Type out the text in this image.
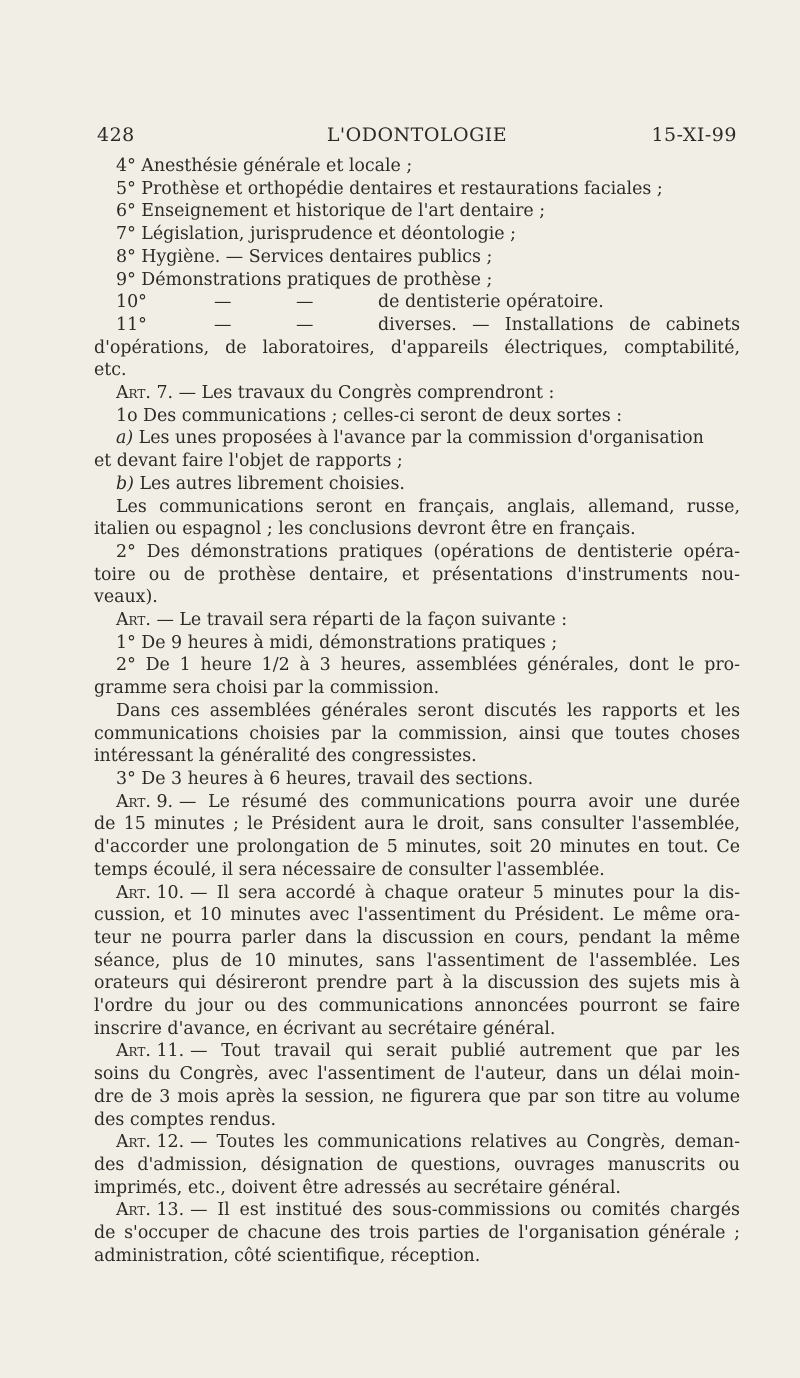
428	L'ODONTOLOGIE	15-XI-99
4° Anesthésie générale et locale ;
5° Prothèse et orthopédie dentaires et restaurations faciales ;
6° Enseignement et historique de l'art dentaire ;
7° Législation, jurisprudence et déontologie ;
8° Hygiène. — Services dentaires publics ;
9° Démonstrations pratiques de prothèse ;
10°	—	—	de dentisterie opératoire.
11°	—	—	diverses. — Installations de cabinets
d'opérations, de laboratoires, d'appareils électriques, comptabilité,
etc.
Art. 7. — Les travaux du Congrès comprendront :
1o Des communications ; celles-ci seront de deux sortes :
a) Les unes proposées à l'avance par la commission d'organisation
et devant faire l'objet de rapports ;
b) Les autres librement choisies.
Les communications seront en français, anglais, allemand, russe,
italien ou espagnol ; les conclusions devront être en français.
2° Des démonstrations pratiques (opérations de dentisterie opéra-
toire ou de prothèse dentaire, et présentations d'instruments nou-
veaux).
Art. — Le travail sera réparti de la façon suivante :
1° De 9 heures à midi, démonstrations pratiques ;
2° De 1 heure 1/2 à 3 heures, assemblées générales, dont le pro-
gramme sera choisi par la commission.
Dans ces assemblées générales seront discutés les rapports et les
communications choisies par la commission, ainsi que toutes choses
intéressant la généralité des congressistes.
3° De 3 heures à 6 heures, travail des sections.
Art. 9. — Le résumé des communications pourra avoir une durée
de 15 minutes ; le Président aura le droit, sans consulter l'assemblée,
d'accorder une prolongation de 5 minutes, soit 20 minutes en tout. Ce
temps écoulé, il sera nécessaire de consulter l'assemblée.
Art. 10. — Il sera accordé à chaque orateur 5 minutes pour la dis-
cussion, et 10 minutes avec l'assentiment du Président. Le même ora-
teur ne pourra parler dans la discussion en cours, pendant la même
séance, plus de 10 minutes, sans l'assentiment de l'assemblée. Les
orateurs qui désireront prendre part à la discussion des sujets mis à
l'ordre du jour ou des communications annoncées pourront se faire
inscrire d'avance, en écrivant au secrétaire général.
Art. 11. — Tout travail qui serait publié autrement que par les
soins du Congrès, avec l'assentiment de l'auteur, dans un délai moin-
dre de 3 mois après la session, ne figurera que par son titre au volume
des comptes rendus.
Art. 12. — Toutes les communications relatives au Congrès, deman-
des d'admission, désignation de questions, ouvrages manuscrits ou
imprimés, etc., doivent être adressés au secrétaire général.
Art. 13. — Il est institué des sous-commissions ou comités chargés
de s'occuper de chacune des trois parties de l'organisation générale ;
administration, côté scientifique, réception.
